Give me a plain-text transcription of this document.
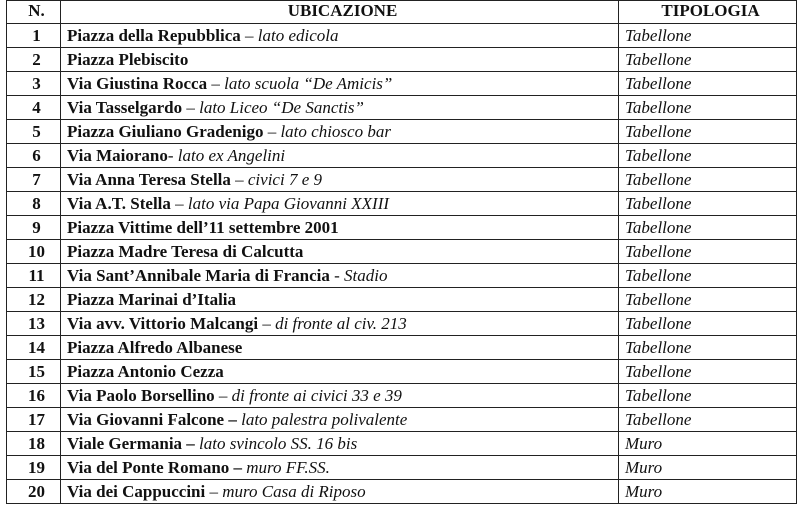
N.	UBICAZIONE	TIPOLOGIA
1	Piazza della Repubblica – lato edicola	Tabellone
2	Piazza Plebiscito	Tabellone
3	Via Giustina Rocca – lato scuola “De Amicis”	Tabellone
4	Via Tasselgardo – lato Liceo “De Sanctis”	Tabellone
5	Piazza Giuliano Gradenigo – lato chiosco bar	Tabellone
6	Via Maiorano- lato ex Angelini	Tabellone
7	Via Anna Teresa Stella – civici 7 e 9	Tabellone
8	Via A.T. Stella – lato via Papa Giovanni XXIII	Tabellone
9	Piazza Vittime dell’11 settembre 2001	Tabellone
10	Piazza Madre Teresa di Calcutta	Tabellone
11	Via Sant’Annibale Maria di Francia - Stadio	Tabellone
12	Piazza Marinai d’Italia	Tabellone
13	Via avv. Vittorio Malcangi – di fronte al civ. 213	Tabellone
14	Piazza Alfredo Albanese	Tabellone
15	Piazza Antonio Cezza	Tabellone
16	Via Paolo Borsellino – di fronte ai civici 33 e 39	Tabellone
17	Via Giovanni Falcone – lato palestra polivalente	Tabellone
18	Viale Germania – lato svincolo SS. 16 bis	Muro
19	Via del Ponte Romano – muro FF.SS.	Muro
20	Via dei Cappuccini – muro Casa di Riposo	Muro
